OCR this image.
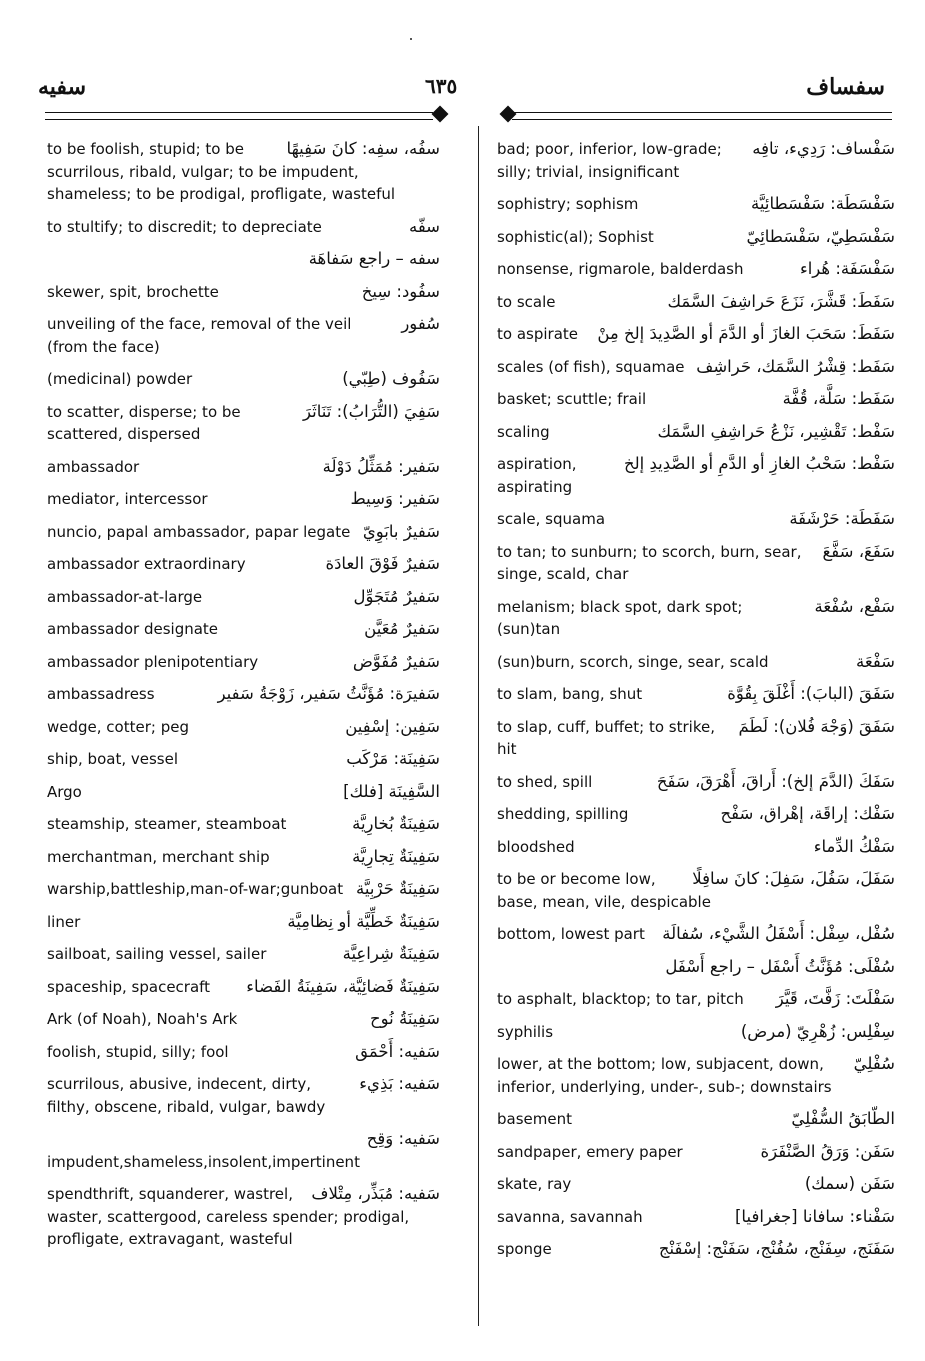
سفيه	٦٣٥	سفساف
سفُه، سفِه: كانَ سَفِيهًا
to be foolish, stupid; to be scurrilous, ribald, vulgar; to be impudent, shameless; to be prodigal, profligate, wasteful
سفّه
to stultify; to discredit; to depreciate
سفه – راجع سَفاهَة
سفُود: سِيخ
skewer, spit, brochette
سُفور
unveiling of the face, removal of the veil (from the face)
سَفُوف (طِبّي)
(medicinal) powder
سَفِيَ (التُّرَابُ): تَنَاثَرَ
to scatter, disperse; to be scattered, dispersed
سَفير: مُمَثِّلُ دَوْلَة
ambassador
سَفير: وَسِيط
mediator, intercessor
سَفيرٌ بابَوِيّ
nuncio, papal ambassador, papar legate
سَفيرٌ فَوْقَ العادَة
ambassador extraordinary
سَفيرٌ مُتَجَوِّل
ambassador-at-large
سَفيرٌ مُعَيَّن
ambassador designate
سَفيرٌ مُفَوَّض
ambassador plenipotentiary
سَفيرَة: مُؤَنَّثُ سَفير، زَوْجَةُ سَفير
ambassadress
سَفِين: إسْفِين
wedge, cotter; peg
سَفِينَة: مَرْكَب
ship, boat, vessel
السَّفِينَة [فلك]
Argo
سَفِينَةٌ بُخارِيَّة
steamship, steamer, steamboat
سَفِينَةٌ تِجارِيَّة
merchantman, merchant ship
سَفِينَةٌ حَرْبِيَّة
warship,battleship,man-of-war;gunboat
سَفِينَةٌ خَطِّيَّة أو نِظامِيَّة
liner
سَفِينَةٌ شِراعِيَّة
sailboat, sailing vessel, sailer
سَفِينَةٌ فَضائِيَّة، سَفِينَةُ الفَضاء
spaceship, spacecraft
سَفِينَةُ نُوح
Ark (of Noah), Noah's Ark
سَفيه: أَحْمَق
foolish, stupid, silly; fool
سَفيه: بَذِيء
scurrilous, abusive, indecent, dirty, filthy, obscene, ribald, vulgar, bawdy
سَفيه: وَقِح
impudent,shameless,insolent,impertinent
سَفيه: مُبَذِّر، مِتْلاف
spendthrift, squanderer, wastrel, waster, scattergood, careless spender; prodigal, profligate, extravagant, wasteful
سَفْساف: رَدِيء، تافِه
bad; poor, inferior, low-grade; silly; trivial, insignificant
سَفْسَطَة: سَفْسَطائِيَّة
sophistry; sophism
سَفْسَطِيّ، سَفْسَطائِيّ
sophistic(al); Sophist
سَفْسَفَة: هُراء
nonsense, rigmarole, balderdash
سَفَطَ: قَشَّرَ، نَزَعَ حَراشِفَ السَّمَك
to scale
سَفَطَ: سَحَبَ الغازَ أو الدَّمَ أو الصَّدِيدَ إلخ مِنْ
to aspirate
سَفَط: قِشْرُ السَّمَك، حَراشِف
scales (of fish), squamae
سَفَط: سَلَّة، قُفَّة
basket; scuttle; frail
سَفْط: تَقْشِير، نَزْعُ حَراشِفِ السَّمَك
scaling
سَفْط: سَحْبُ الغازِ أو الدَّمِ أو الصَّدِيدِ إلخ
aspiration, aspirating
سَفَطَة: حَرْشَفَة
scale, squama
سَفَعَ، سَفَّعَ
to tan; to sunburn; to scorch, burn, sear, singe, scald, char
سَفْع، سُفْعَة
melanism; black spot, dark spot; (sun)tan
سَفْعَة
(sun)burn, scorch, singe, sear, scald
سَفَقَ (البابَ): أَغْلَقَ بِقُوَّة
to slam, bang, shut
سَفَقَ (وَجْهَ فُلان): لَطَمَ
to slap, cuff, buffet; to strike, hit
سَفَكَ (الدَّمَ إلخ): أَراقَ، أَهْرَقَ، سَفَحَ
to shed, spill
سَفْك: إراقَة، إهْراق، سَفْح
shedding, spilling
سَفْكُ الدِّماء
bloodshed
سَفَلَ، سَفُلَ، سَفِلَ: كانَ سافِلًا
to be or become low, base, mean, vile, despicable
سُفْل، سِفْل: أَسْفَلُ الشَّيْء، سُفالَة
bottom, lowest part
سُفْلَى: مُؤَنَّثُ أَسْفَل – راجع أَسْفَل
سَفْلَتَ: زَفَّتَ، قَيَّرَ
to asphalt, blacktop; to tar, pitch
سِفْلِس: زُهْرِيّ (مرض)
syphilis
سُفْلِيّ
lower, at the bottom; low, subjacent, down, inferior, underlying, under-, sub-; downstairs
الطّابَقُ السُّفْلِيّ
basement
سَفَن: وَرَقُ الصَّنْفَرَة
sandpaper, emery paper
سَفَن (سمك)
skate, ray
سَفْناء: سافانا [جغرافيا]
savanna, savannah
سَفَنَج، سِفَنْج، سُفُنْج، سَفَنْج: إسْفَنْج
sponge
